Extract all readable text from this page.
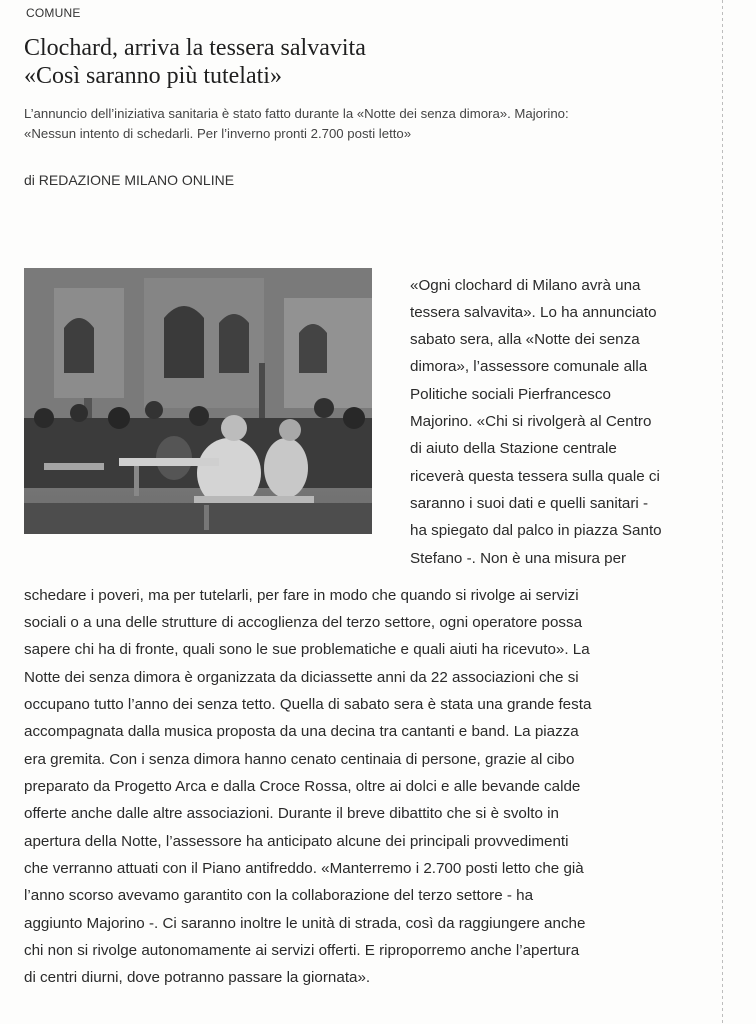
COMUNE
Clochard, arriva la tessera salvavita
«Così saranno più tutelati»
L’annuncio dell’iniziativa sanitaria è stato fatto durante la «Notte dei senza dimora». Majorino:
«Nessun intento di schedarli. Per l’inverno pronti 2.700 posti letto»
di REDAZIONE MILANO ONLINE
«Ogni clochard di Milano avrà una
tessera salvavita». Lo ha annunciato
sabato sera, alla «Notte dei senza
dimora», l’assessore comunale alla
Politiche sociali Pierfrancesco
Majorino. «Chi si rivolgerà al Centro
di aiuto della Stazione centrale
riceverà questa tessera sulla quale ci
saranno i suoi dati e quelli sanitari -
ha spiegato dal palco in piazza Santo
Stefano -. Non è una misura per
schedare i poveri, ma per tutelarli, per fare in modo che quando si rivolge ai servizi
sociali o a una delle strutture di accoglienza del terzo settore, ogni operatore possa
sapere chi ha di fronte, quali sono le sue problematiche e quali aiuti ha ricevuto». La
Notte dei senza dimora è organizzata da diciassette anni da 22 associazioni che si
occupano tutto l’anno dei senza tetto. Quella di sabato sera è stata una grande festa
accompagnata dalla musica proposta da una decina tra cantanti e band. La piazza
era gremita. Con i senza dimora hanno cenato centinaia di persone, grazie al cibo
preparato da Progetto Arca e dalla Croce Rossa, oltre ai dolci e alle bevande calde
offerte anche dalle altre associazioni. Durante il breve dibattito che si è svolto in
apertura della Notte, l’assessore ha anticipato alcune dei principali provvedimenti
che verranno attuati con il Piano antifreddo. «Manterremo i 2.700 posti letto che già
l’anno scorso avevamo garantito con la collaborazione del terzo settore - ha
aggiunto Majorino -. Ci saranno inoltre le unità di strada, così da raggiungere anche
chi non si rivolge autonomamente ai servizi offerti. E riproporremo anche l’apertura
di centri diurni, dove potranno passare la giornata».
